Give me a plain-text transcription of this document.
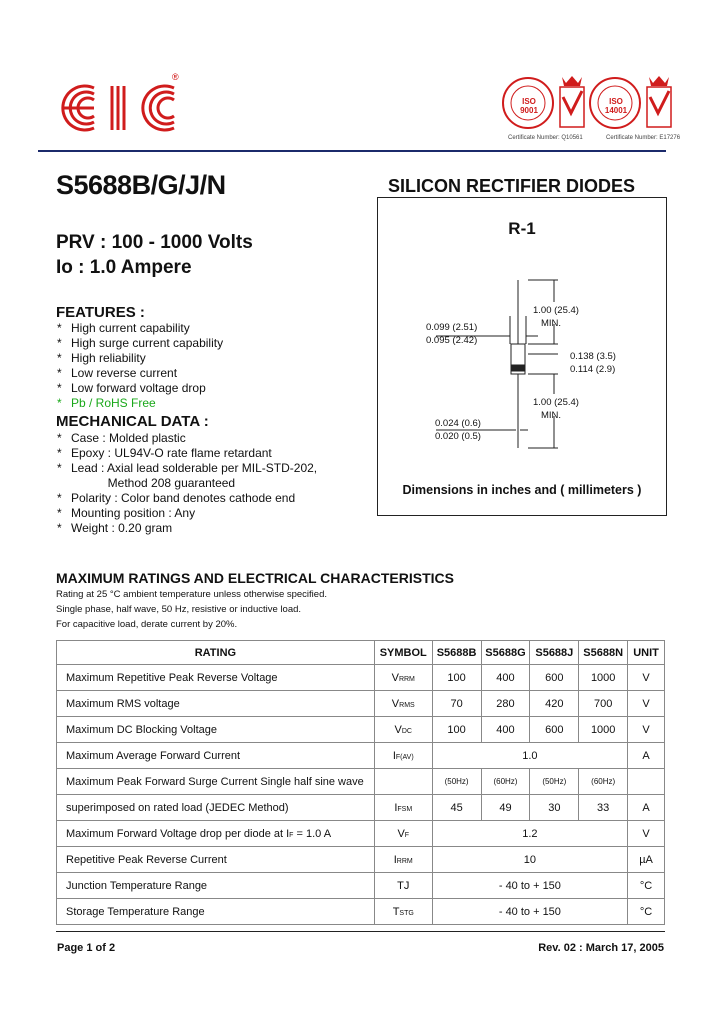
®
ISO 9001
ISO 14001
Certificate Number: Q10561	Certificate Number: E17276
S5688B/G/J/N
PRV : 100 - 1000 Volts
Io : 1.0 Ampere
SILICON RECTIFIER DIODES
R-1
0.099 (2.51)
0.095 (2.42)
1.00 (25.4)
MIN.
0.138 (3.5)
0.114 (2.9)
1.00 (25.4)
MIN.
0.024 (0.6)
0.020 (0.5)
Dimensions in inches and ( millimeters )
FEATURES :
* High current capability
* High surge current capability
* High reliability
* Low reverse current
* Low forward voltage drop
* Pb / RoHS Free
MECHANICAL DATA :
* Case : Molded plastic
* Epoxy : UL94V-O rate flame retardant
* Lead : Axial lead solderable per MIL-STD-202,
Method 208 guaranteed
* Polarity : Color band denotes cathode end
* Mounting position : Any
* Weight : 0.20 gram
MAXIMUM RATINGS AND ELECTRICAL CHARACTERISTICS
Rating at 25 °C ambient temperature unless otherwise specified.
Single phase, half wave, 50 Hz, resistive or inductive load.
For capacitive load, derate current by 20%.
RATING	SYMBOL	S5688B	S5688G	S5688J	S5688N	UNIT
Maximum Repetitive Peak Reverse Voltage	VRRM	100	400	600	1000	V
Maximum RMS voltage	VRMS	70	280	420	700	V
Maximum DC Blocking Voltage	VDC	100	400	600	1000	V
Maximum Average Forward Current	IF(AV)	1.0				A
Maximum Peak Forward Surge Current Single half sine wave		(50Hz)	(60Hz)	(50Hz)	(60Hz)	
superimposed on rated load (JEDEC Method)	IFSM	45	49	30	33	A
Maximum Forward Voltage drop per diode at IF = 1.0 A	VF	1.2				V
Repetitive Peak Reverse Current	IRRM	10				µA
Junction Temperature Range	TJ	- 40 to + 150				°C
Storage Temperature Range	TSTG	- 40 to + 150				°C
Page 1 of 2	Rev. 02 : March 17, 2005
